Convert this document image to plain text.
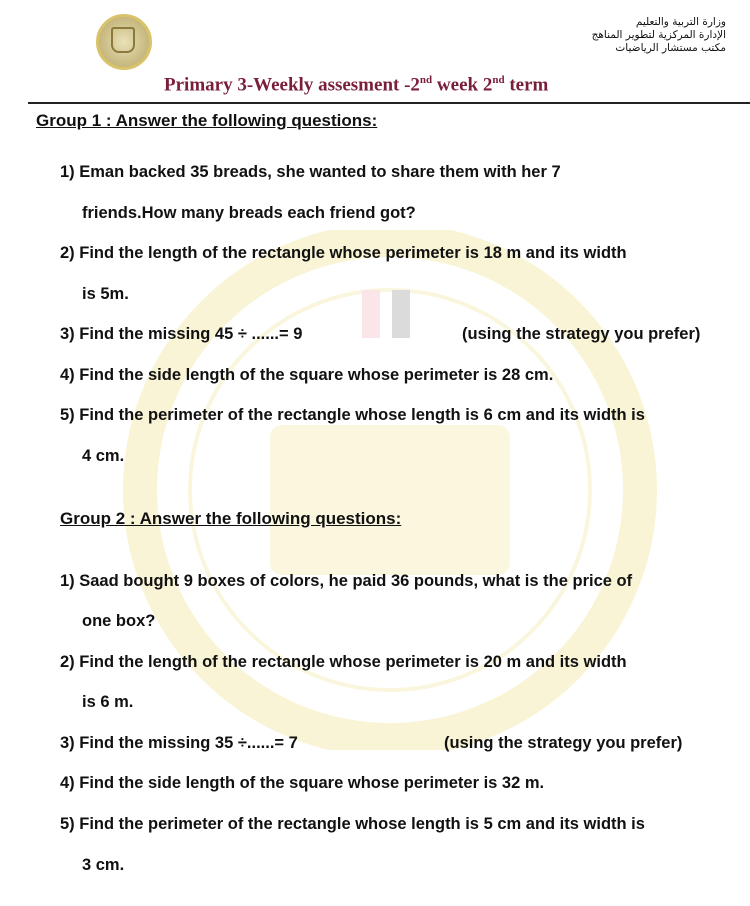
وزارة التربية والتعليم
الإدارة المركزية لتطوير المناهج
مكتب مستشار الرياضيات
Primary 3-Weekly assesment -2nd week 2nd term
Group 1 : Answer the following questions:
1) Eman backed 35 breads, she wanted to share them with her 7
friends.How many breads each friend got?
2) Find the length of the rectangle whose perimeter is 18 m and its width
is 5m.
3) Find the missing 45 ÷ ......= 9	(using the strategy you prefer)
4) Find the side length of the square whose perimeter is 28 cm.
5) Find the perimeter of the rectangle whose length is 6 cm and its width is
4 cm.
Group 2 : Answer the following questions:
1) Saad bought 9 boxes of colors, he paid 36 pounds, what is the price of
one box?
2) Find the length of the rectangle whose perimeter is 20 m and its width
is 6 m.
3) Find the missing 35 ÷......= 7	(using the strategy you prefer)
4) Find the side length of the square whose perimeter is 32 m.
5) Find the perimeter of the rectangle whose length is 5 cm and its width is
3 cm.
